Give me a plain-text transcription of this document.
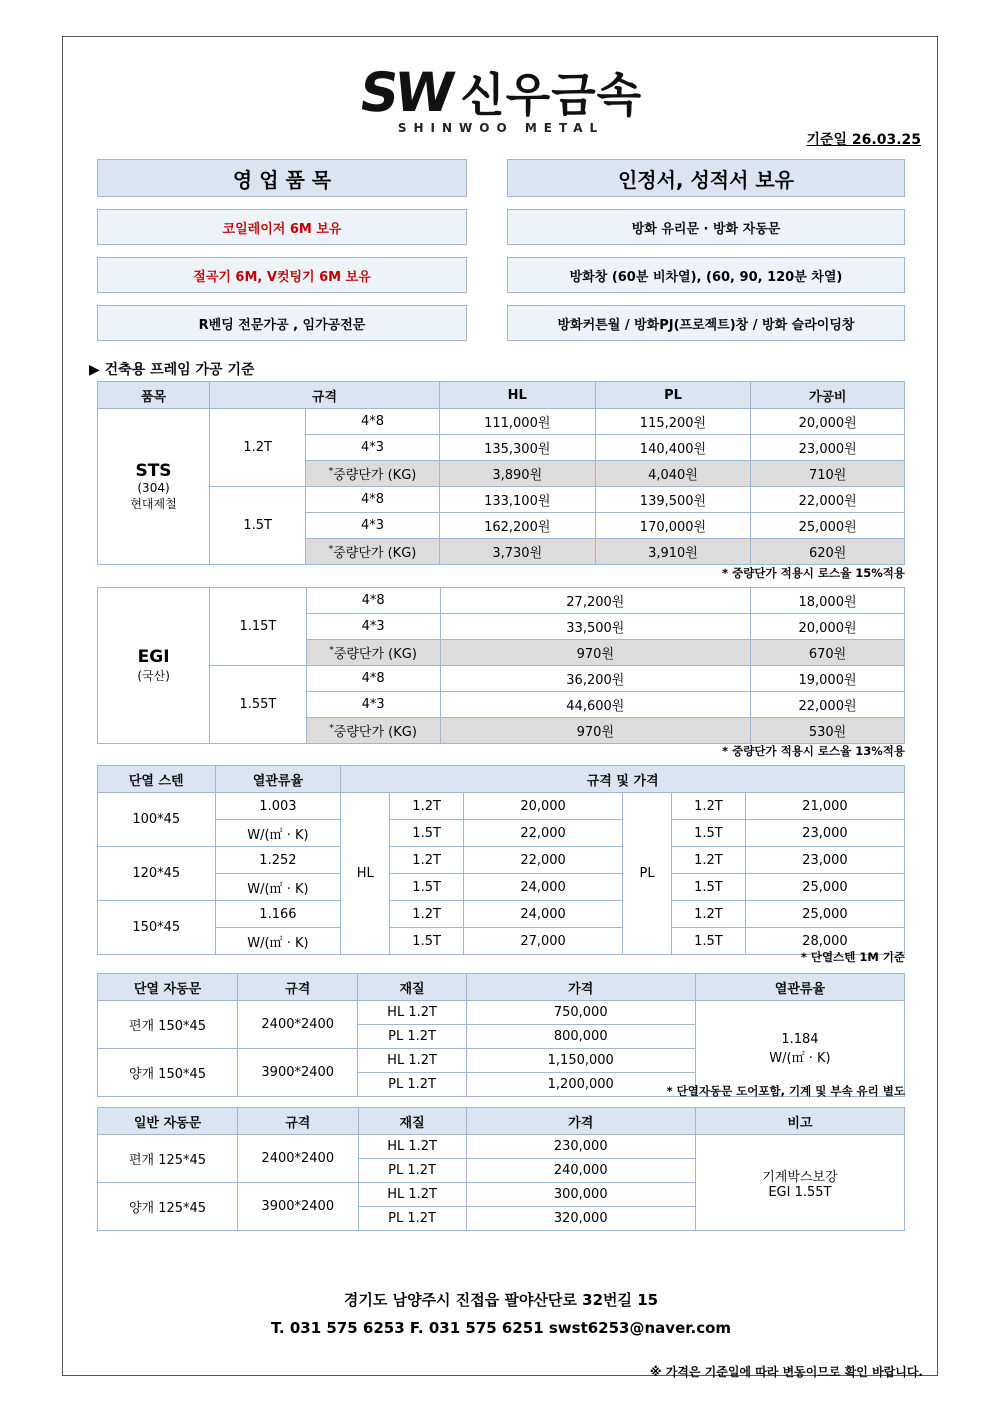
SW 신우금속
SHINWOO METAL
기준일 26.03.25
영 업 품 목
코일레이저 6M 보유
절곡기 6M, V컷팅기 6M 보유
R벤딩 전문가공 , 임가공전문
인정서, 성적서 보유
방화 유리문 · 방화 자동문
방화창 (60분 비차열), (60, 90, 120분 차열)
방화커튼월 / 방화PJ(프로젝트)창 / 방화 슬라이딩창
▶ 건축용 프레임 가공 기준
품목	규격		HL	PL	가공비

STS
(304)
현대제철	1.2T	4*8	111,000원	115,200원	20,000원
		4*3	135,300원	140,400원	23,000원
		*중량단가 (KG)	3,890원	4,040원	710원
	1.5T	4*8	133,100원	139,500원	22,000원
		4*3	162,200원	170,000원	25,000원
		*중량단가 (KG)	3,730원	3,910원	620원
* 중량단가 적용시 로스율 15%적용
EGI
(국산)	1.15T	4*8	27,200원	18,000원
		4*3	33,500원	20,000원
		*중량단가 (KG)	970원	670원
	1.55T	4*8	36,200원	19,000원
		4*3	44,600원	22,000원
		*중량단가 (KG)	970원	530원
* 중량단가 적용시 로스율 13%적용
단열 스텐	열관류율	규격 및 가격					

100*45	1.003	HL	1.2T	20,000	PL	1.2T	21,000
	W/(㎡ · K)		1.5T	22,000		1.5T	23,000
120*45	1.252		1.2T	22,000		1.2T	23,000
	W/(㎡ · K)		1.5T	24,000		1.5T	25,000
150*45	1.166		1.2T	24,000		1.2T	25,000
	W/(㎡ · K)		1.5T	27,000		1.5T	28,000
* 단열스텐 1M 기준
단열 자동문	규격	재질	가격	열관류율
편개 150*45	2400*2400	HL 1.2T	750,000	1.184
W/(㎡ · K)

		PL 1.2T	800,000	
양개 150*45	3900*2400	HL 1.2T	1,150,000	
		PL 1.2T	1,200,000		* 단열자동문 도어포함, 기계 및 부속 유리 별도
일반 자동문	규격	재질	가격	비고
편개 125*45	2400*2400	HL 1.2T	230,000	기계박스보강
EGI 1.55T

		PL 1.2T	240,000	
양개 125*45	3900*2400	HL 1.2T	300,000	
		PL 1.2T	320,000	
경기도 남양주시 진접읍 팔야산단로 32번길 15
T. 031 575 6253 F. 031 575 6251 swst6253@naver.com
※ 가격은 기준일에 따라 변동이므로 확인 바랍니다.
